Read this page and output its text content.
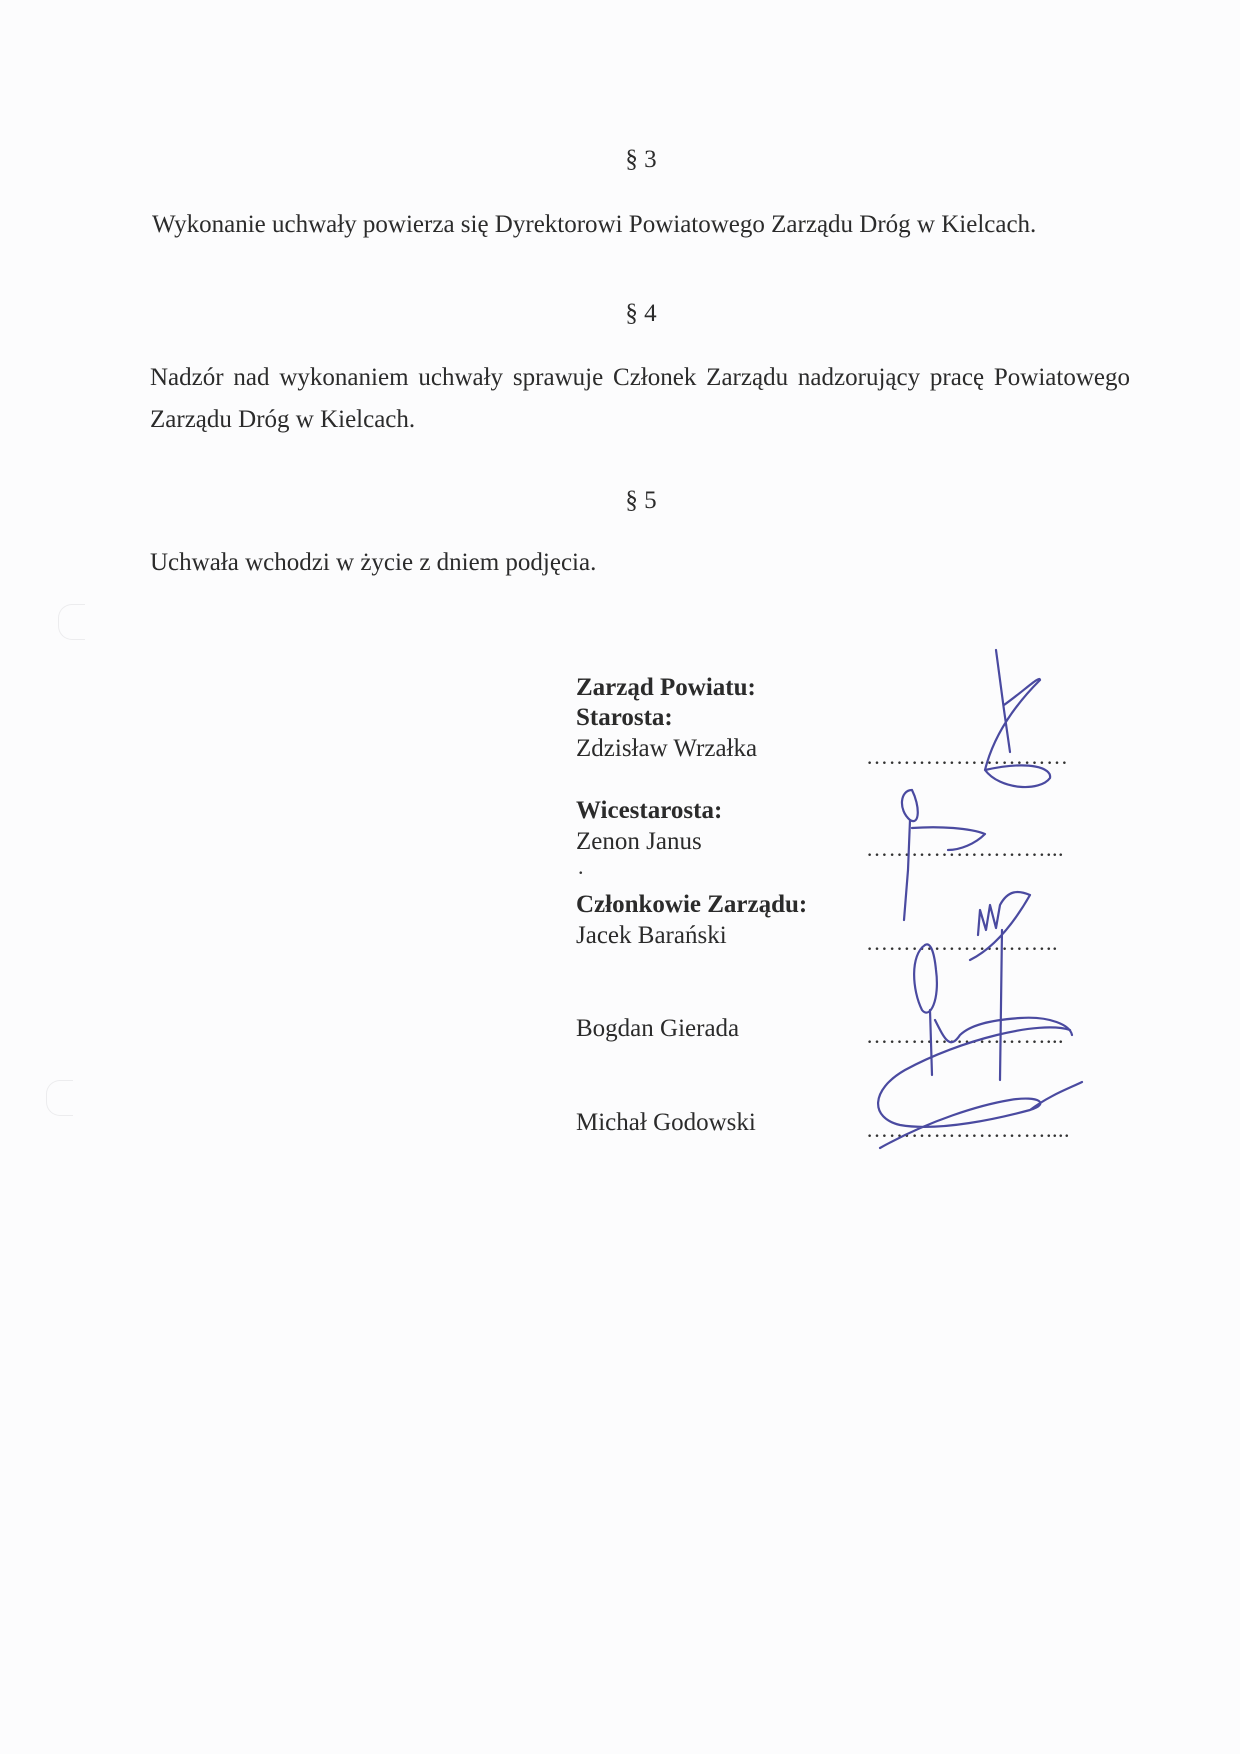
§ 3
Wykonanie uchwały powierza się Dyrektorowi Powiatowego Zarządu Dróg w Kielcach.
§ 4
Nadzór nad wykonaniem uchwały sprawuje Członek Zarządu nadzorujący pracę Powiatowego Zarządu Dróg w Kielcach.
§ 5
Uchwała wchodzi w życie z dniem podjęcia.
Zarząd Powiatu:
Starosta:
Zdzisław Wrzałka	………………………
Wicestarosta:
Zenon Janus	……………………...
.
Członkowie Zarządu:
Jacek Barański	……………………..
Bogdan Gierada	……………………...
Michał Godowski	……………………....
